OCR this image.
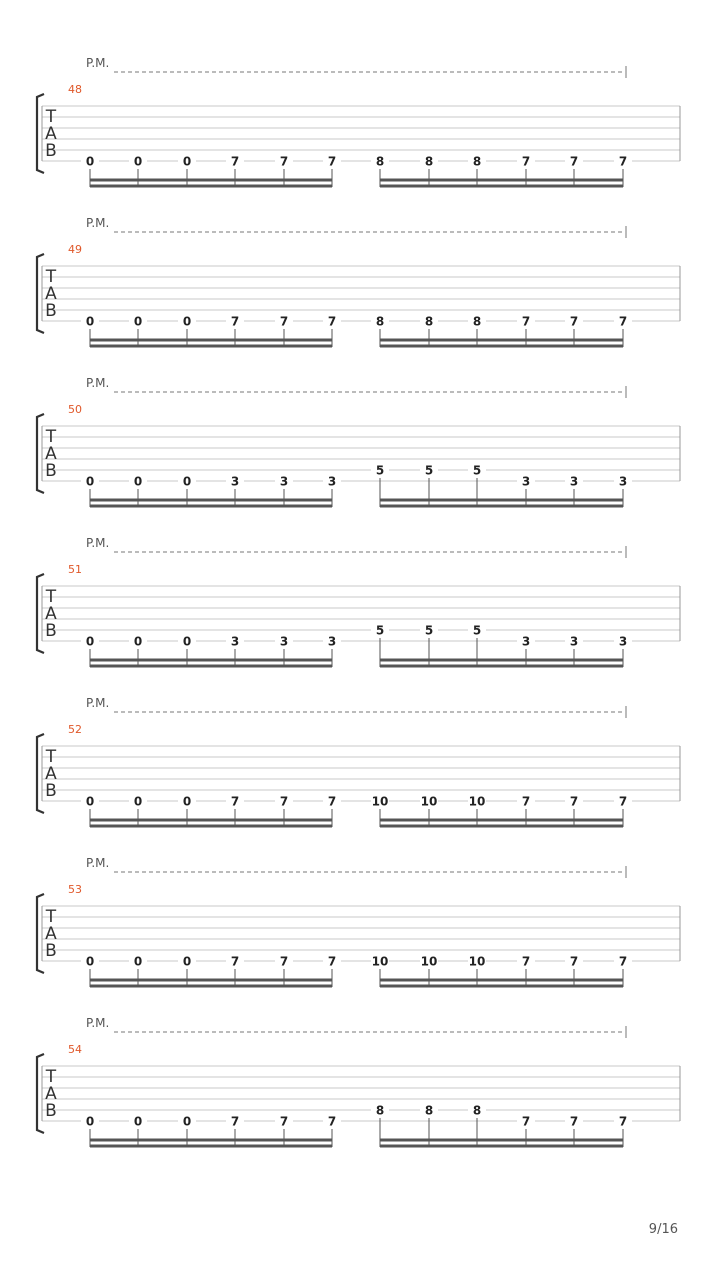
P.M.
48
T
A
B
0	0	0	7	7	7	8	8	8	7	7	7
P.M.
49
T
A
B
0	0	0	7	7	7	8	8	8	7	7	7
P.M.
50
T
A
B
0	0	0	3	3	3
5	5	5
3	3	3
P.M.
51
T
A
B
0	0	0	3	3	3
5	5	5
3	3	3
P.M.
52
T
A
B
0	0	0	7	7	7	10	10	10	7	7	7
P.M.
53
T
A
B
0	0	0	7	7	7	10	10	10	7	7	7
P.M.
54
T
A
B
0	0	0	7	7	7
8	8	8
7	7	7
9/16
